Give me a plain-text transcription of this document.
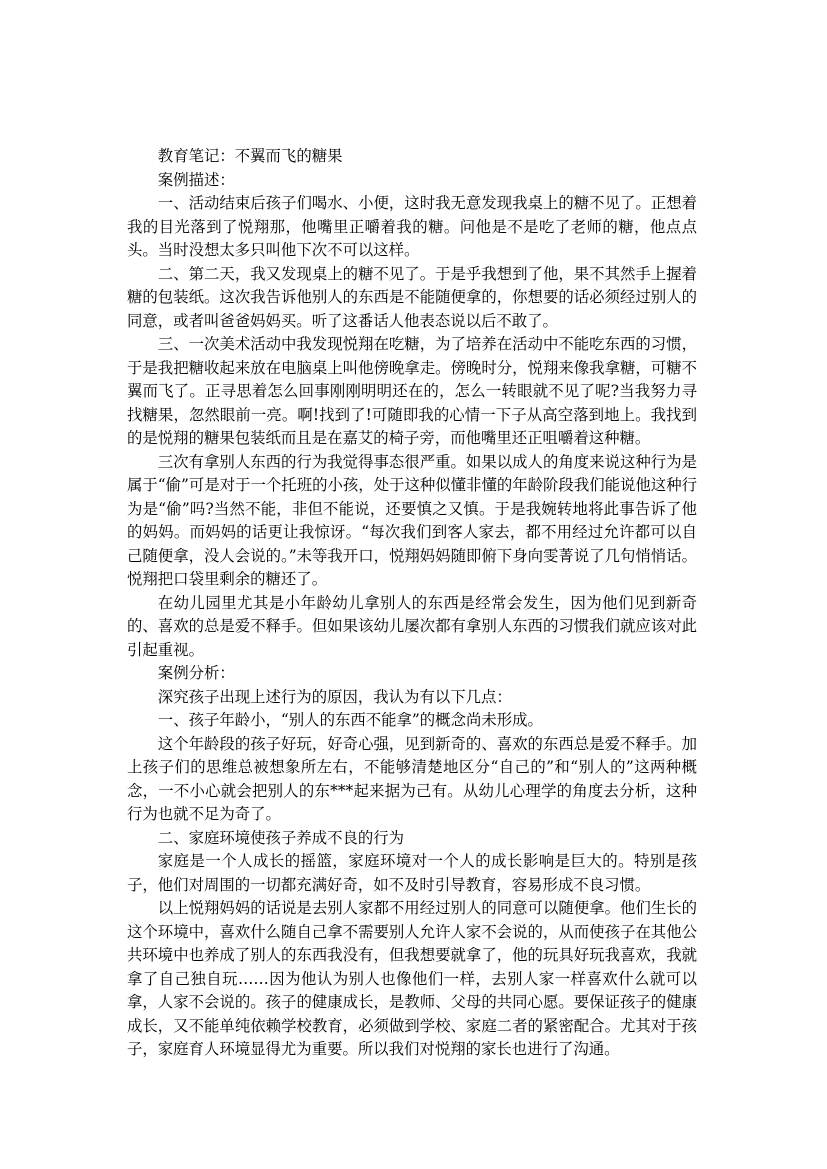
教育笔记：不翼而飞的糖果

案例描述：

一、活动结束后孩子们喝水、小便，这时我无意发现我桌上的糖不见了。正想着我的目光落到了悦翔那，他嘴里正嚼着我的糖。问他是不是吃了老师的糖，他点点头。当时没想太多只叫他下次不可以这样。

二、第二天，我又发现桌上的糖不见了。于是乎我想到了他，果不其然手上握着糖的包装纸。这次我告诉他别人的东西是不能随便拿的，你想要的话必须经过别人的同意，或者叫爸爸妈妈买。听了这番话人他表态说以后不敢了。

三、一次美术活动中我发现悦翔在吃糖，为了培养在活动中不能吃东西的习惯，于是我把糖收起来放在电脑桌上叫他傍晚拿走。傍晚时分，悦翔来像我拿糖，可糖不翼而飞了。正寻思着怎么回事刚刚明明还在的，怎么一转眼就不见了呢?当我努力寻找糖果，忽然眼前一亮。啊!找到了!可随即我的心情一下子从高空落到地上。我找到的是悦翔的糖果包装纸而且是在嘉艾的椅子旁，而他嘴里还正咀嚼着这种糖。

三次有拿别人东西的行为我觉得事态很严重。如果以成人的角度来说这种行为是属于“偷”可是对于一个托班的小孩，处于这种似懂非懂的年龄阶段我们能说他这种行为是“偷”吗?当然不能，非但不能说，还要慎之又慎。于是我婉转地将此事告诉了他的妈妈。而妈妈的话更让我惊讶。“每次我们到客人家去，都不用经过允许都可以自己随便拿，没人会说的。”未等我开口，悦翔妈妈随即俯下身向雯菁说了几句悄悄话。悦翔把口袋里剩余的糖还了。

在幼儿园里尤其是小年龄幼儿拿别人的东西是经常会发生，因为他们见到新奇的、喜欢的总是爱不释手。但如果该幼儿屡次都有拿别人东西的习惯我们就应该对此引起重视。

案例分析：

深究孩子出现上述行为的原因，我认为有以下几点：

一、孩子年龄小，“别人的东西不能拿”的概念尚未形成。

这个年龄段的孩子好玩，好奇心强，见到新奇的、喜欢的东西总是爱不释手。加上孩子们的思维总被想象所左右，不能够清楚地区分“自己的”和“别人的”这两种概念，一不小心就会把别人的东***起来据为己有。从幼儿心理学的角度去分析，这种行为也就不足为奇了。

二、家庭环境使孩子养成不良的行为

家庭是一个人成长的摇篮，家庭环境对一个人的成长影响是巨大的。特别是孩子，他们对周围的一切都充满好奇，如不及时引导教育，容易形成不良习惯。

以上悦翔妈妈的话说是去别人家都不用经过别人的同意可以随便拿。他们生长的这个环境中，喜欢什么随自己拿不需要别人允许人家不会说的，从而使孩子在其他公共环境中也养成了别人的东西我没有，但我想要就拿了，他的玩具好玩我喜欢，我就拿了自己独自玩……因为他认为别人也像他们一样，去别人家一样喜欢什么就可以拿，人家不会说的。孩子的健康成长，是教师、父母的共同心愿。要保证孩子的健康成长，又不能单纯依赖学校教育，必须做到学校、家庭二者的紧密配合。尤其对于孩子，家庭育人环境显得尤为重要。所以我们对悦翔的家长也进行了沟通。
